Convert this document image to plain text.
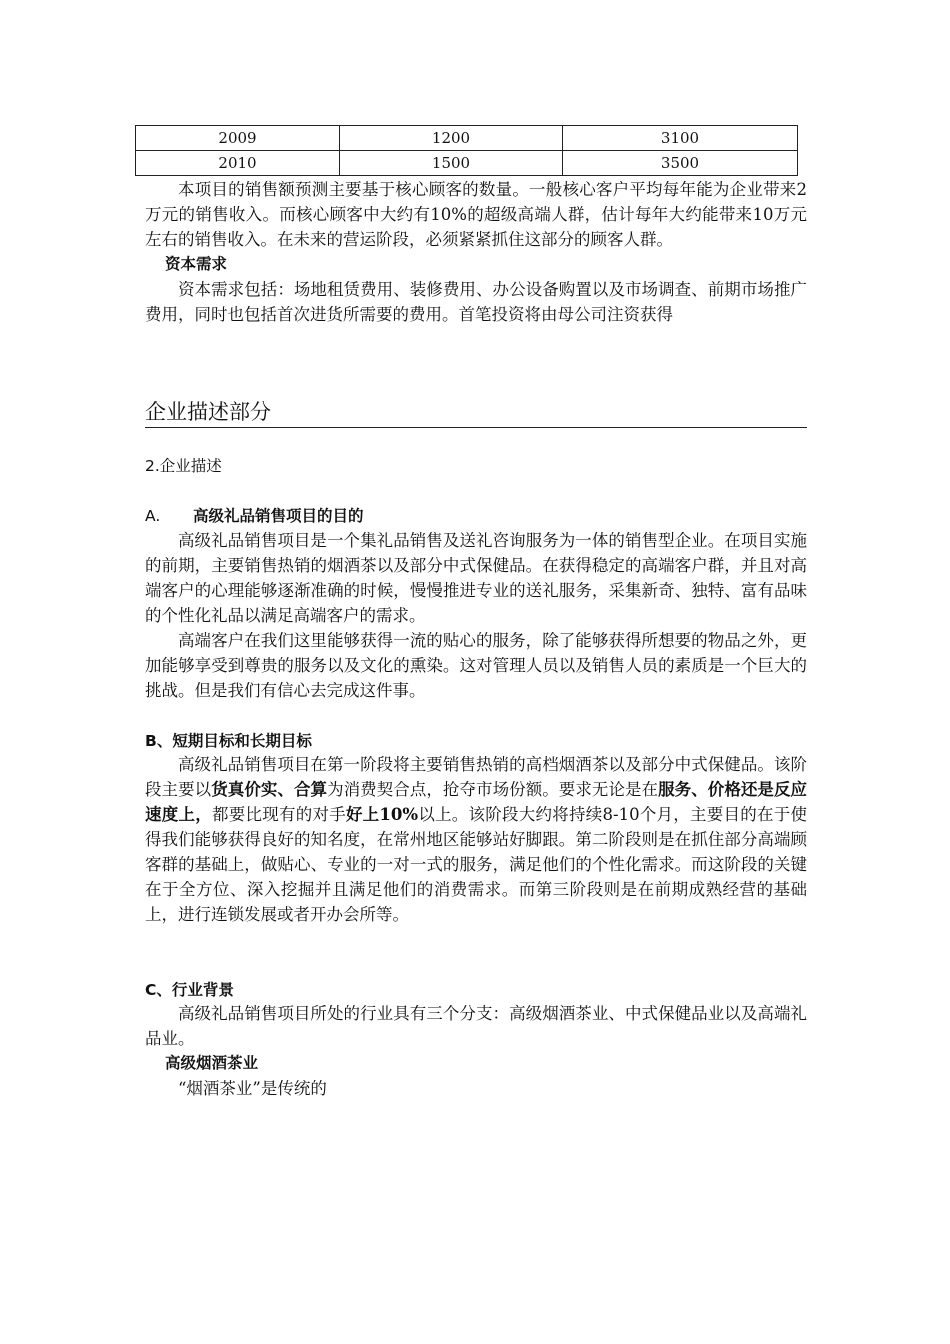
2009	1200	3100
2010	1500	3500

本项目的销售额预测主要基于核心顾客的数量。一般核心客户平均每年能为企业带来2万元的销售收入。而核心顾客中大约有10%的超级高端人群，估计每年大约能带来10万元左右的销售收入。在未来的营运阶段，必须紧紧抓住这部分的顾客人群。

资本需求

资本需求包括：场地租赁费用、装修费用、办公设备购置以及市场调查、前期市场推广费用，同时也包括首次进货所需要的费用。首笔投资将由母公司注资获得

企业描述部分
2.企业描述
A. 高级礼品销售项目的目的

高级礼品销售项目是一个集礼品销售及送礼咨询服务为一体的销售型企业。在项目实施的前期，主要销售热销的烟酒茶以及部分中式保健品。在获得稳定的高端客户群，并且对高端客户的心理能够逐渐准确的时候，慢慢推进专业的送礼服务，采集新奇、独特、富有品味的个性化礼品以满足高端客户的需求。

高端客户在我们这里能够获得一流的贴心的服务，除了能够获得所想要的物品之外，更加能够享受到尊贵的服务以及文化的熏染。这对管理人员以及销售人员的素质是一个巨大的挑战。但是我们有信心去完成这件事。

B、短期目标和长期目标

高级礼品销售项目在第一阶段将主要销售热销的高档烟酒茶以及部分中式保健品。该阶段主要以货真价实、合算为消费契合点，抢夺市场份额。要求无论是在服务、价格还是反应速度上，都要比现有的对手好上10%以上。该阶段大约将持续8-10个月，主要目的在于使得我们能够获得良好的知名度，在常州地区能够站好脚跟。第二阶段则是在抓住部分高端顾客群的基础上，做贴心、专业的一对一式的服务，满足他们的个性化需求。而这阶段的关键在于全方位、深入挖掘并且满足他们的消费需求。而第三阶段则是在前期成熟经营的基础上，进行连锁发展或者开办会所等。

C、行业背景

高级礼品销售项目所处的行业具有三个分支：高级烟酒茶业、中式保健品业以及高端礼品业。

高级烟酒茶业

“烟酒茶业”是传统的
